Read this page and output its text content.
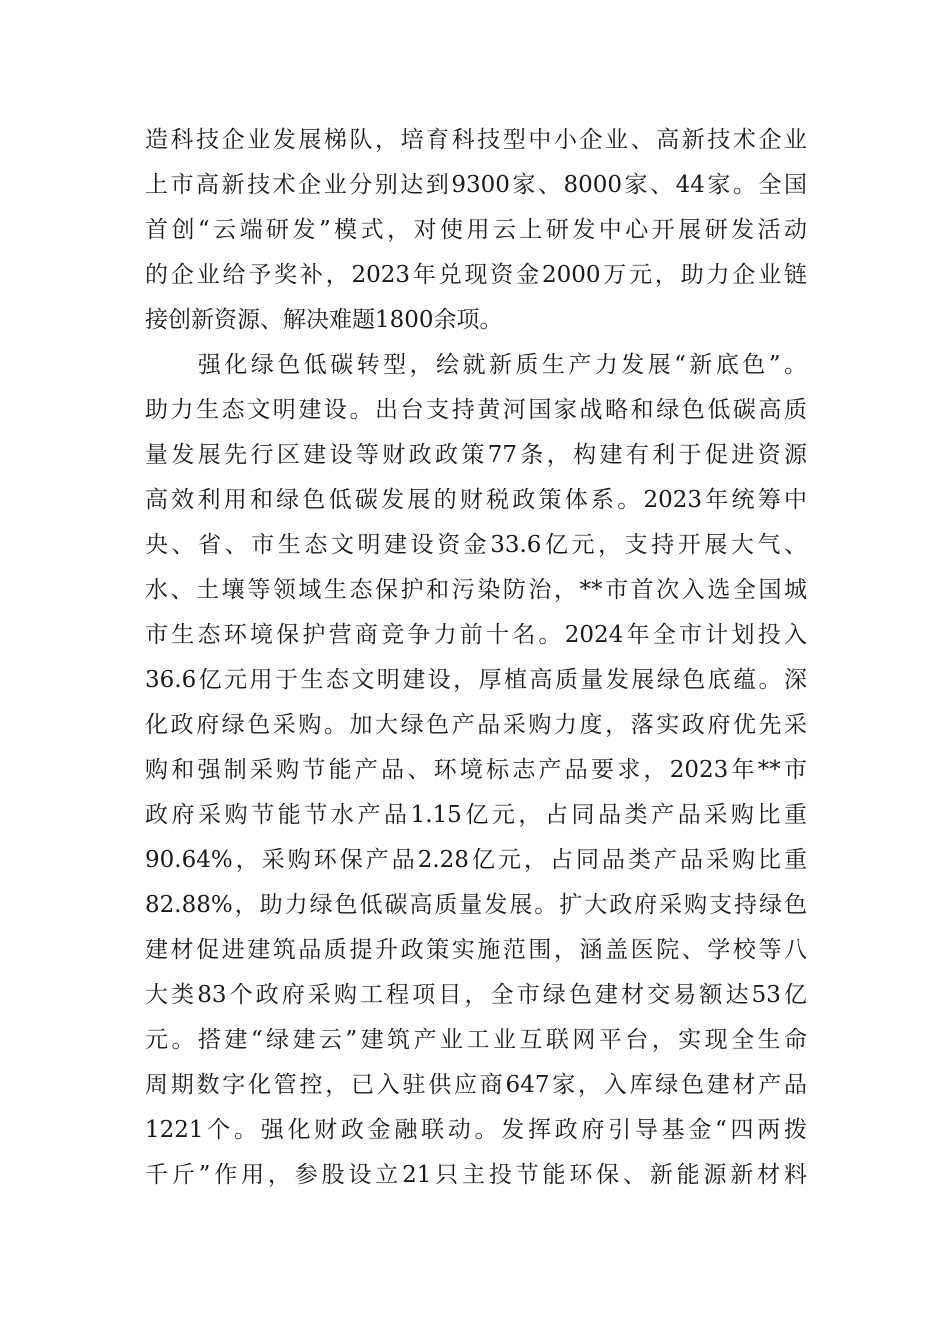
造科技企业发展梯队，培育科技型中小企业、高新技术企业
上市高新技术企业分别达到9300家、8000家、44家。全国
首创“云端研发”模式，对使用云上研发中心开展研发活动
的企业给予奖补，2023年兑现资金2000万元，助力企业链
接创新资源、解决难题1800余项。
　　强化绿色低碳转型，绘就新质生产力发展“新底色”。
助力生态文明建设。出台支持黄河国家战略和绿色低碳高质
量发展先行区建设等财政政策77条，构建有利于促进资源
高效利用和绿色低碳发展的财税政策体系。2023年统筹中
央、省、市生态文明建设资金33.6亿元，支持开展大气、
水、土壤等领域生态保护和污染防治，**市首次入选全国城
市生态环境保护营商竞争力前十名。2024年全市计划投入
36.6亿元用于生态文明建设，厚植高质量发展绿色底蕴。深
化政府绿色采购。加大绿色产品采购力度，落实政府优先采
购和强制采购节能产品、环境标志产品要求，2023年**市
政府采购节能节水产品1.15亿元，占同品类产品采购比重
90.64%，采购环保产品2.28亿元，占同品类产品采购比重
82.88%，助力绿色低碳高质量发展。扩大政府采购支持绿色
建材促进建筑品质提升政策实施范围，涵盖医院、学校等八
大类83个政府采购工程项目，全市绿色建材交易额达53亿
元。搭建“绿建云”建筑产业工业互联网平台，实现全生命
周期数字化管控，已入驻供应商647家，入库绿色建材产品
1221个。强化财政金融联动。发挥政府引导基金“四两拨
千斤”作用，参股设立21只主投节能环保、新能源新材料
